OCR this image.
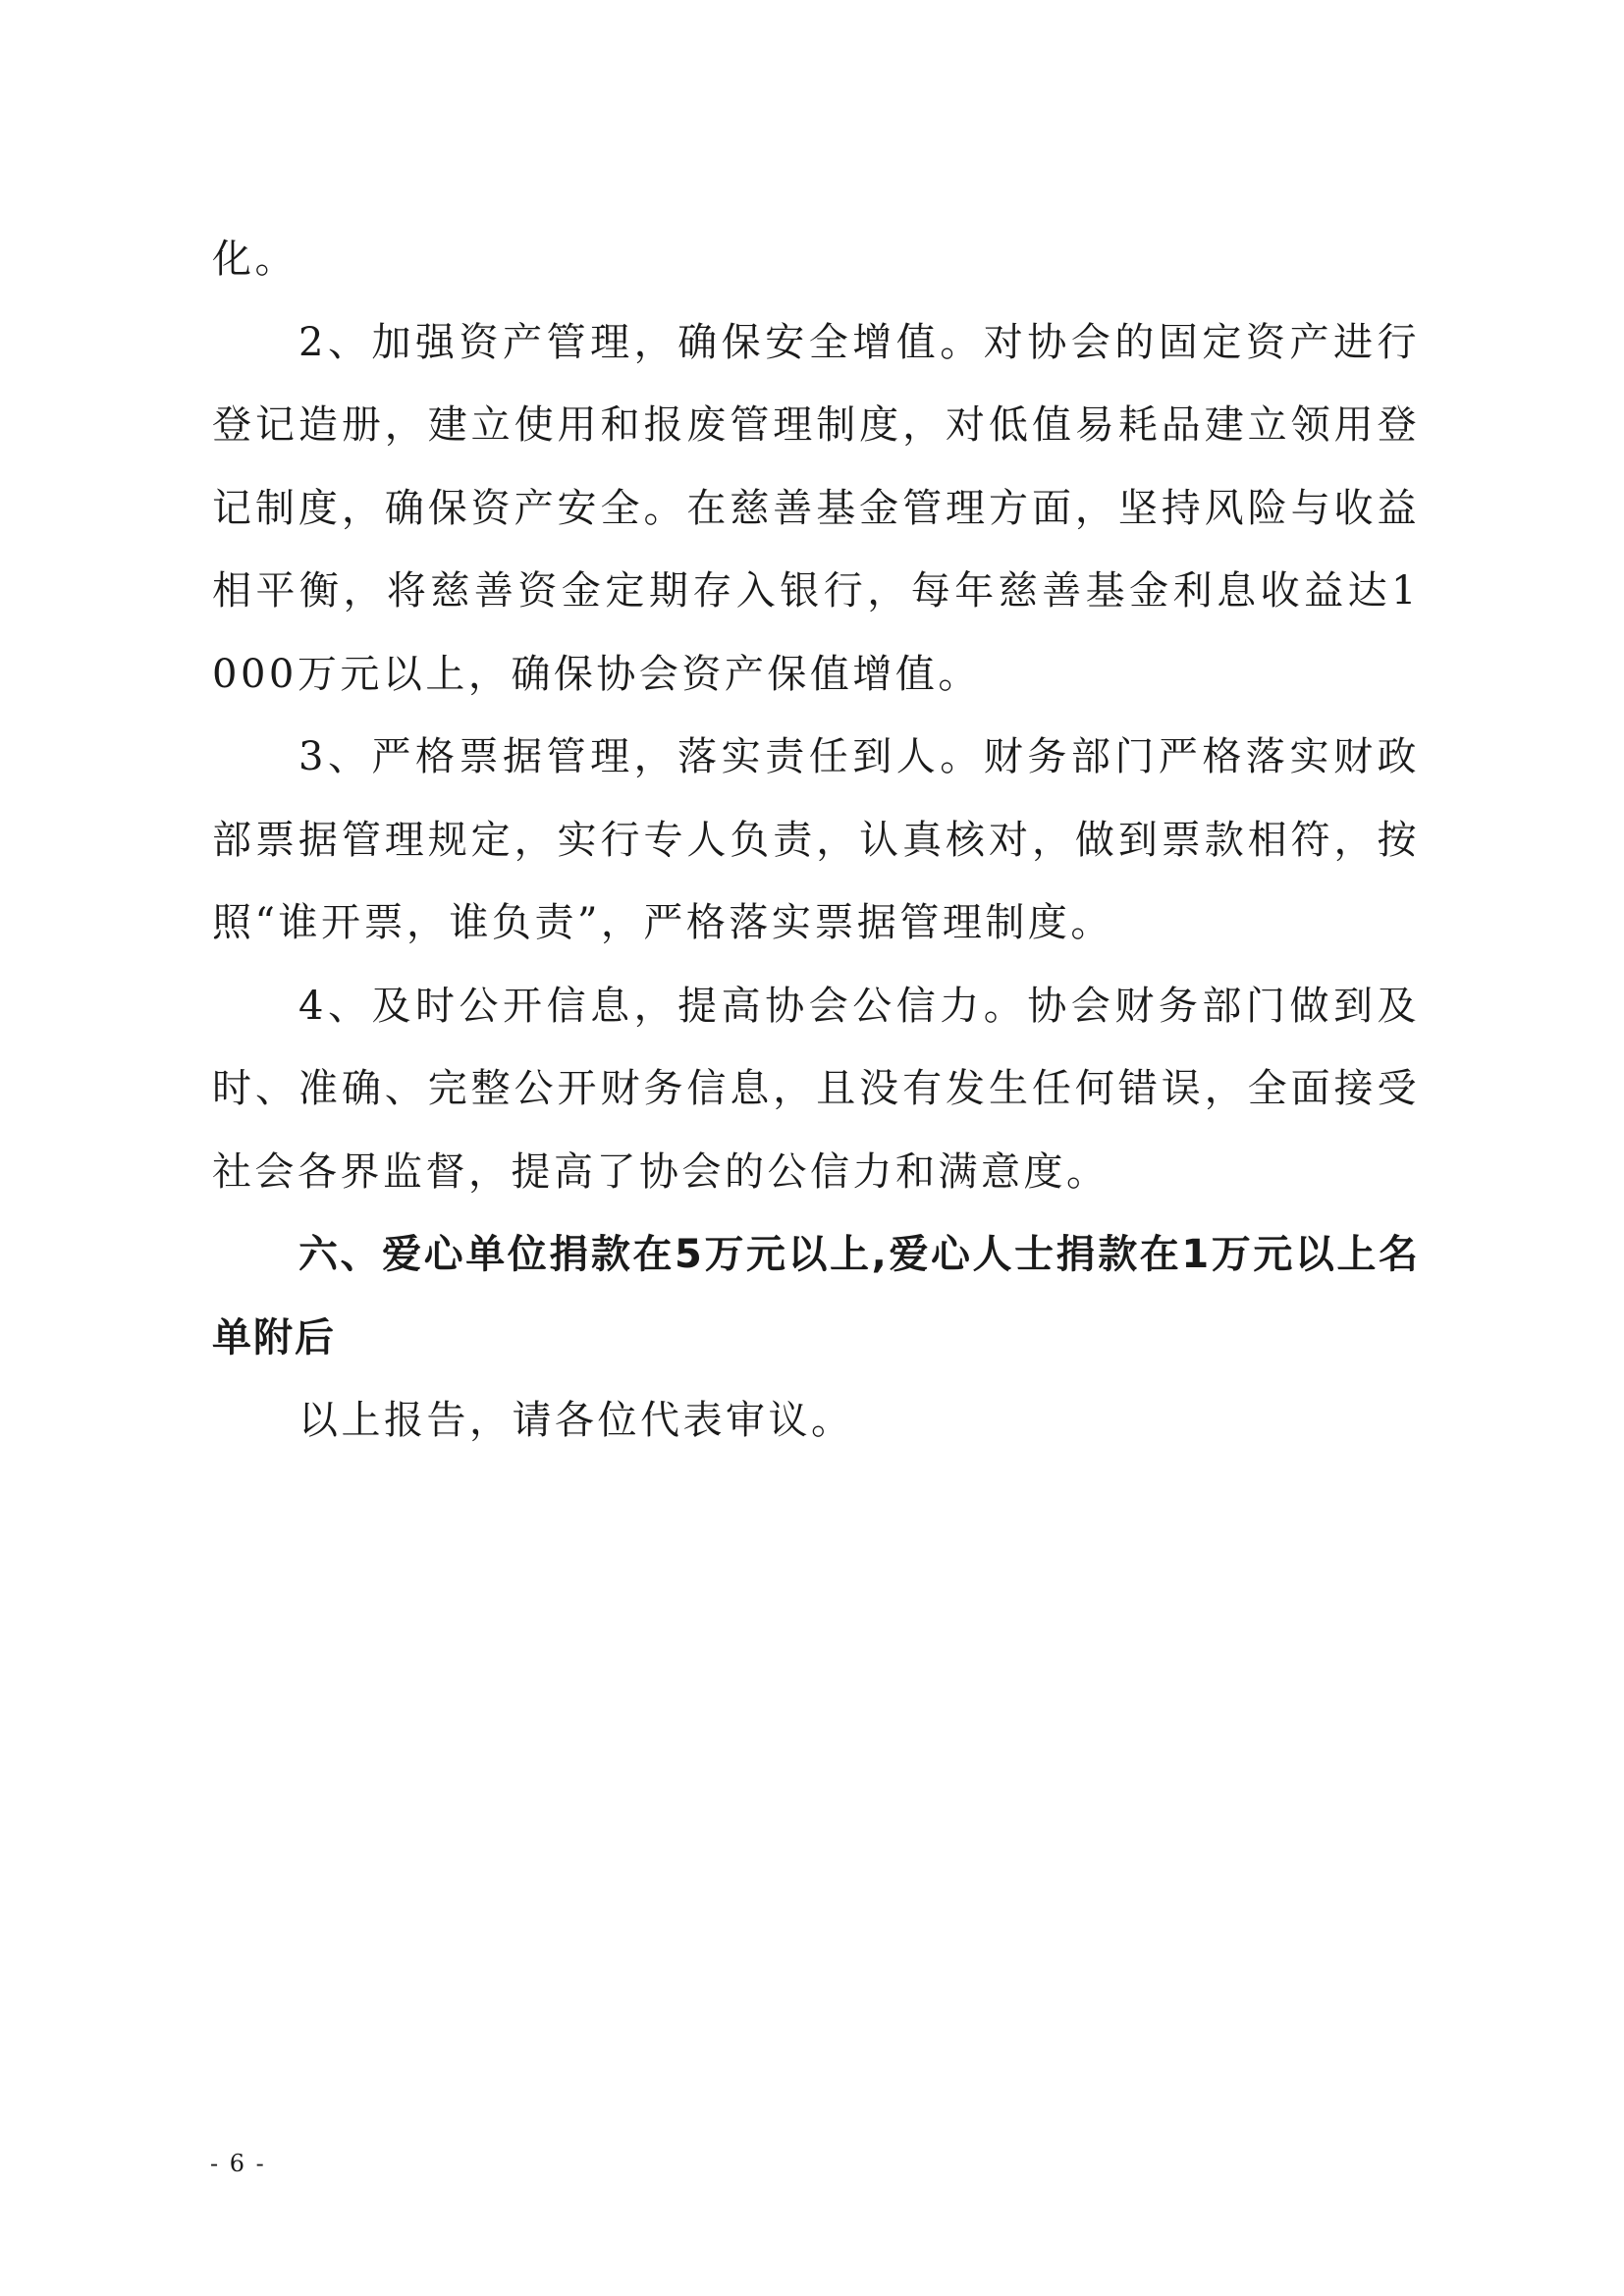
化。

2、加强资产管理，确保安全增值。对协会的固定资产进行登记造册，建立使用和报废管理制度，对低值易耗品建立领用登记制度，确保资产安全。在慈善基金管理方面，坚持风险与收益相平衡，将慈善资金定期存入银行，每年慈善基金利息收益达1000万元以上，确保协会资产保值增值。

3、严格票据管理，落实责任到人。财务部门严格落实财政部票据管理规定，实行专人负责，认真核对，做到票款相符，按照“谁开票，谁负责”，严格落实票据管理制度。

4、及时公开信息，提高协会公信力。协会财务部门做到及时、准确、完整公开财务信息，且没有发生任何错误，全面接受社会各界监督，提高了协会的公信力和满意度。

六、爱心单位捐款在5万元以上,爱心人士捐款在1万元以上名单附后

以上报告，请各位代表审议。

- 6 -
